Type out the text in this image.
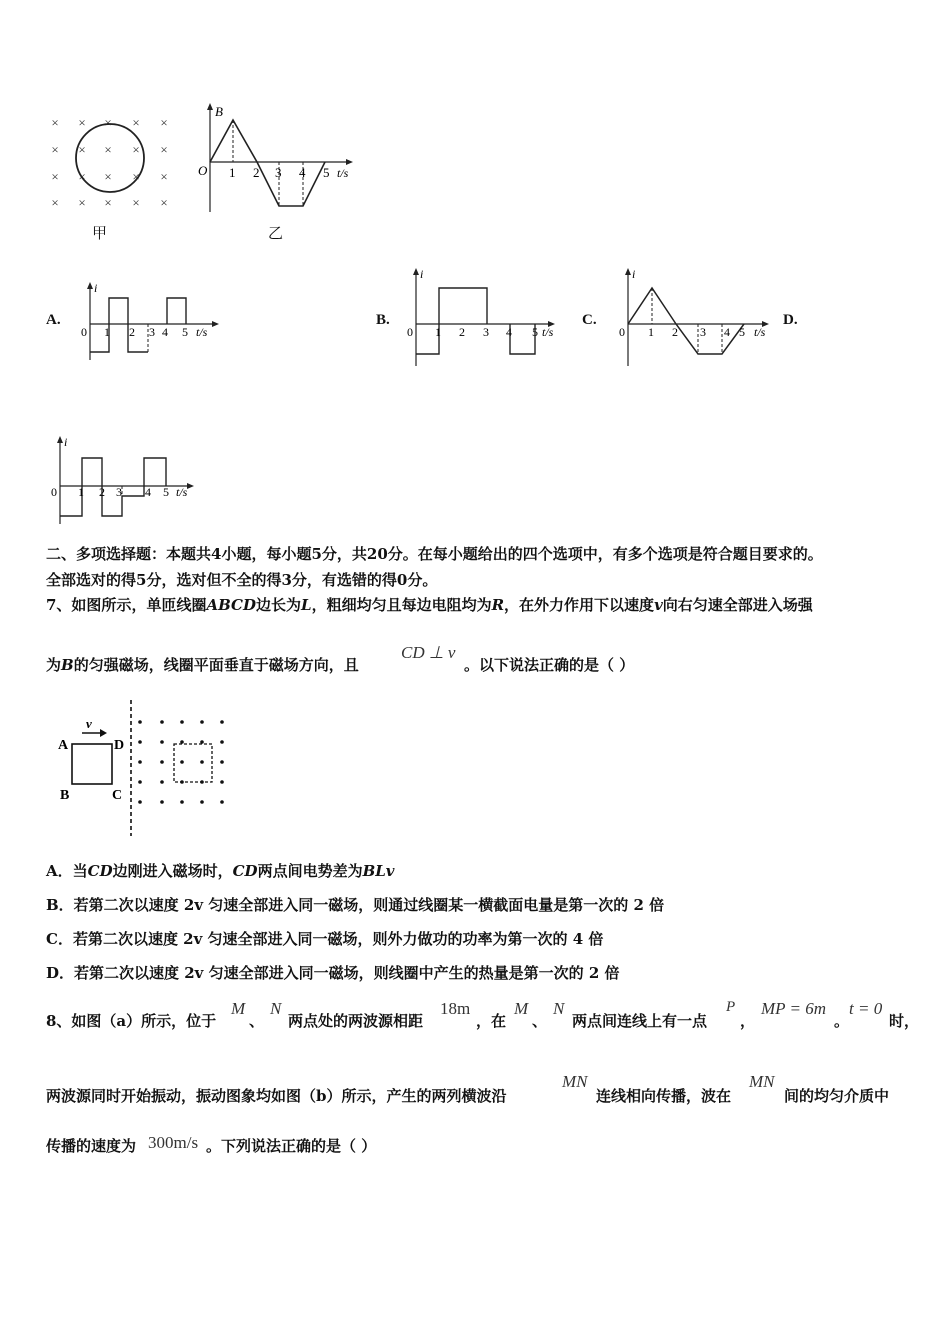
× × × × ×
× × × × ×
× × × × ×
× × × × ×
甲
B
O 1 2 3 4 5 t/s
乙
A.
i
0 1 2 3 4 5 t/s
B.
i
0 1 2 3 4 5 t/s
C.
i
0 1 2 3 4 5 t/s
D.
i
0 1 2 3 4 5 t/s
二、多项选择题：本题共4小题，每小题5分，共20分。在每小题给出的四个选项中，有多个选项是符合题目要求的。
全部选对的得5分，选对但不全的得3分，有选错的得0分。
7、如图所示，单匝线圈ABCD边长为L，粗细均匀且每边电阻均为R，在外力作用下以速度v向右匀速全部进入场强
为B的匀强磁场，线圈平面垂直于磁场方向，且
CD ⊥ v
。以下说法正确的是（ ）
v
A	D
B	C
A．当CD边刚进入磁场时，CD两点间电势差为BLv
B．若第二次以速度 2v 匀速全部进入同一磁场，则通过线圈某一横截面电量是第一次的 2 倍
C．若第二次以速度 2v 匀速全部进入同一磁场，则外力做功的功率为第一次的 4 倍
D．若第二次以速度 2v 匀速全部进入同一磁场，则线圈中产生的热量是第一次的 2 倍
8、如图（a）所示，位于
M
、
N
两点处的两波源相距
18m
，在
M
、
N
两点间连线上有一点
P
，
MP = 6m
。
t = 0
时，
两波源同时开始振动，振动图象均如图（b）所示，产生的两列横波沿
MN
连线相向传播，波在
MN
间的均匀介质中
传播的速度为 300m/s 。下列说法正确的是（ ）
